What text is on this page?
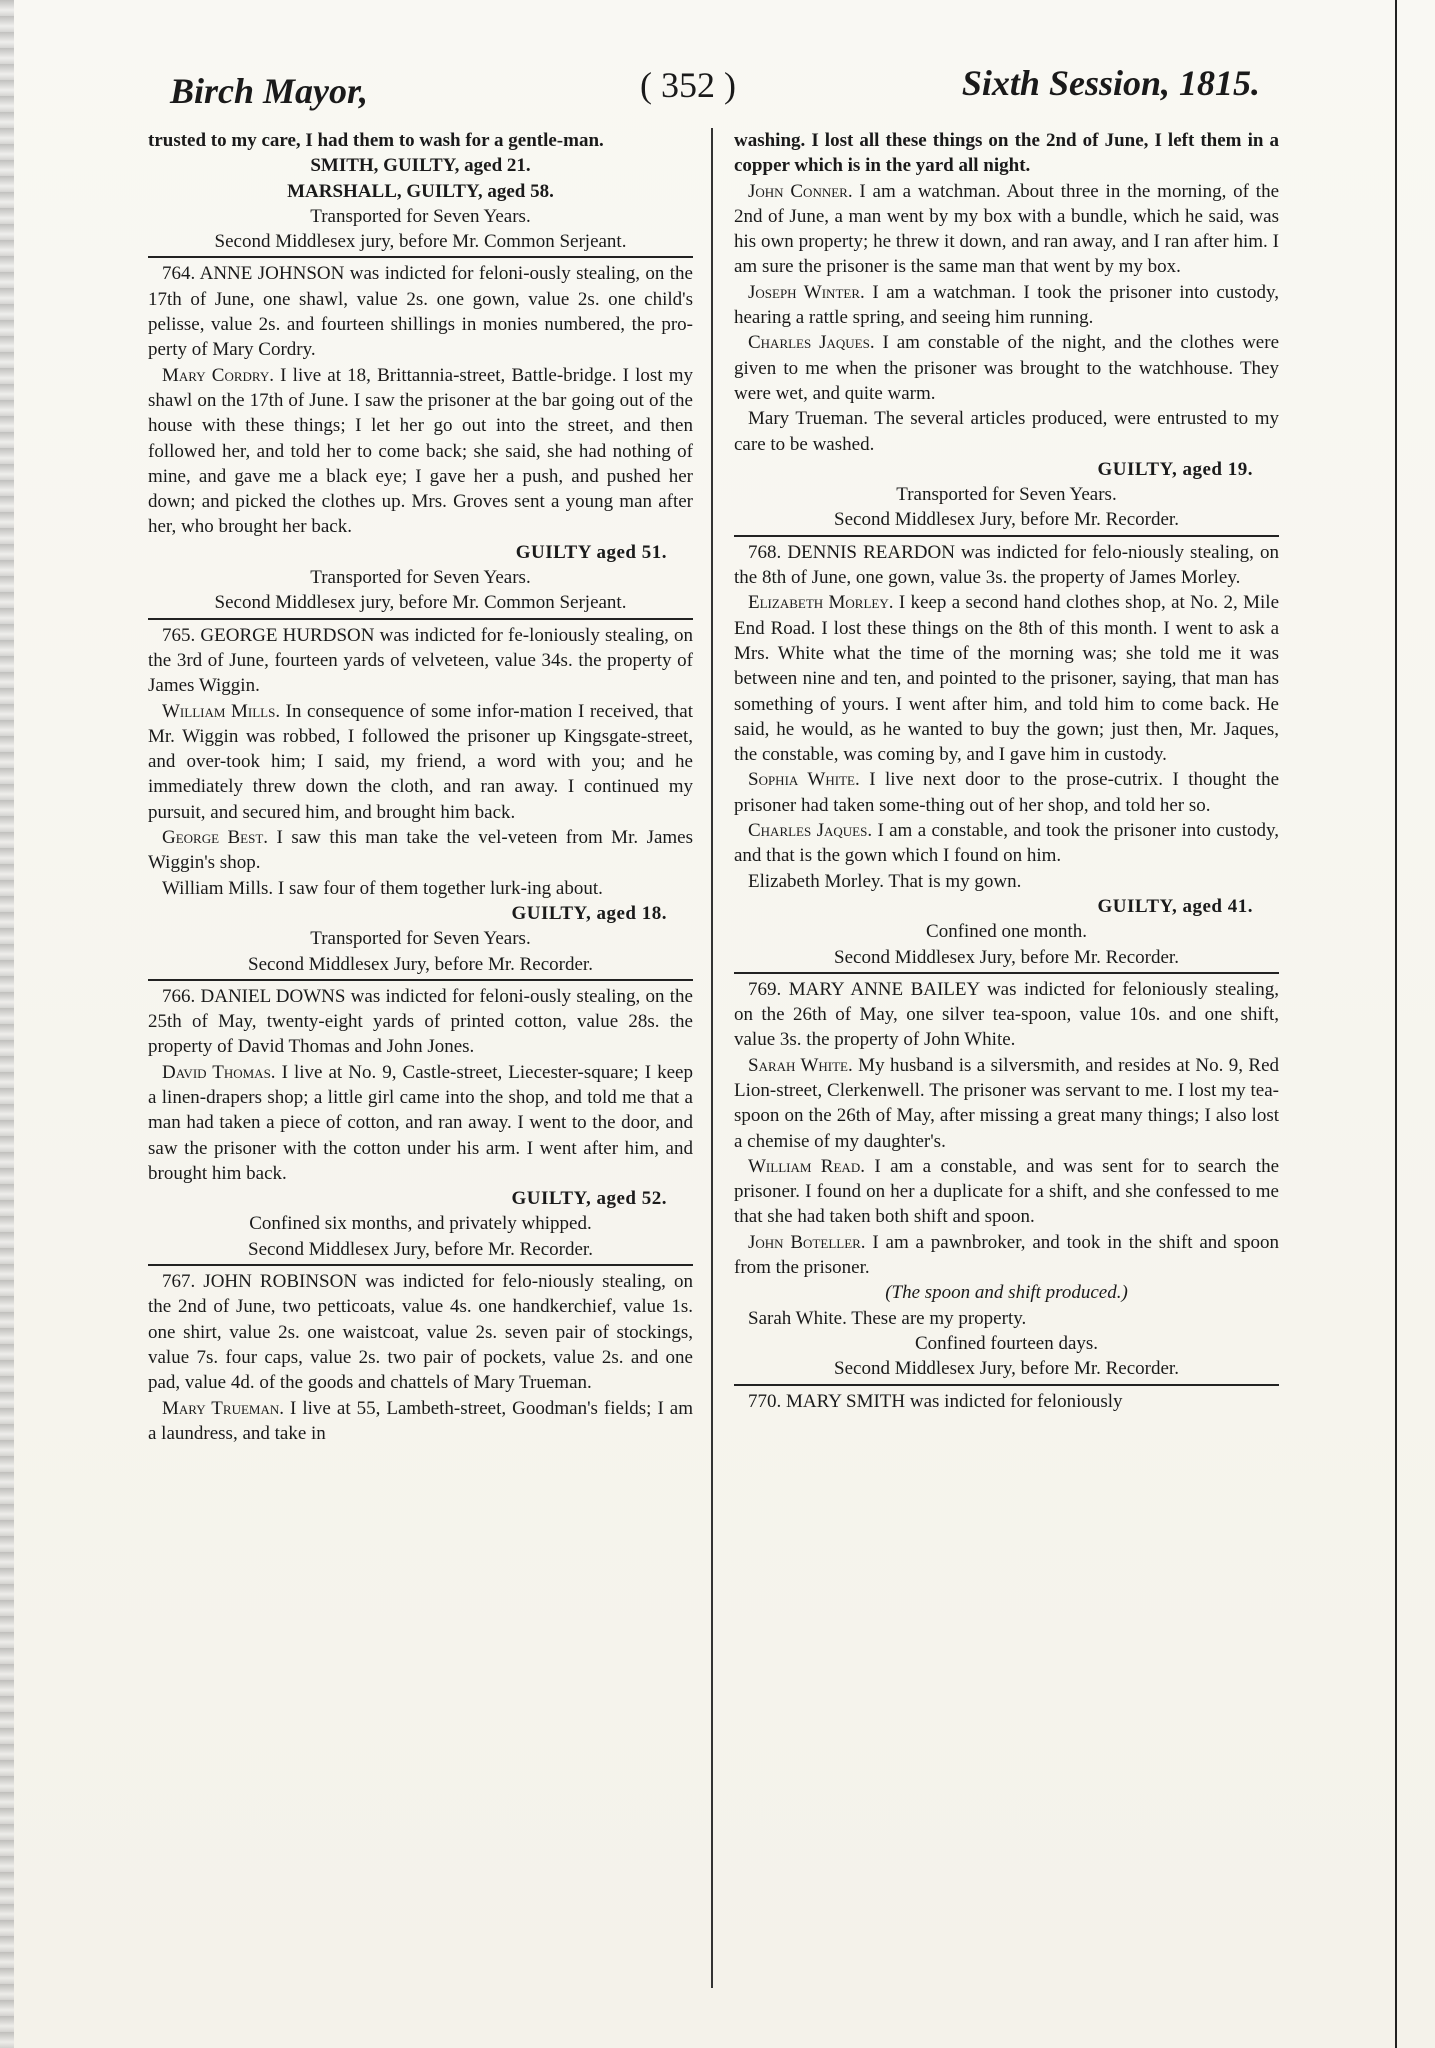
Birch Mayor,	( 352 )	Sixth Session, 1815.

trusted to my care, I had them to wash for a gentle-man.

SMITH, GUILTY, aged 21.

MARSHALL, GUILTY, aged 58.

Transported for Seven Years.

Second Middlesex jury, before Mr. Common Serjeant.

764. ANNE JOHNSON was indicted for feloni-ously stealing, on the 17th of June, one shawl, value 2s. one gown, value 2s. one child's pelisse, value 2s. and fourteen shillings in monies numbered, the pro-perty of Mary Cordry.

Mary Cordry. I live at 18, Brittannia-street, Battle-bridge. I lost my shawl on the 17th of June. I saw the prisoner at the bar going out of the house with these things; I let her go out into the street, and then followed her, and told her to come back; she said, she had nothing of mine, and gave me a black eye; I gave her a push, and pushed her down; and picked the clothes up. Mrs. Groves sent a young man after her, who brought her back.

GUILTY aged 51.

Transported for Seven Years.

Second Middlesex jury, before Mr. Common Serjeant.

765. GEORGE HURDSON was indicted for fe-loniously stealing, on the 3rd of June, fourteen yards of velveteen, value 34s. the property of James Wiggin.

William Mills. In consequence of some infor-mation I received, that Mr. Wiggin was robbed, I followed the prisoner up Kingsgate-street, and over-took him; I said, my friend, a word with you; and he immediately threw down the cloth, and ran away. I continued my pursuit, and secured him, and brought him back.

George Best. I saw this man take the vel-veteen from Mr. James Wiggin's shop.

William Mills. I saw four of them together lurk-ing about.

GUILTY, aged 18.

Transported for Seven Years.

Second Middlesex Jury, before Mr. Recorder.

766. DANIEL DOWNS was indicted for feloni-ously stealing, on the 25th of May, twenty-eight yards of printed cotton, value 28s. the property of David Thomas and John Jones.

David Thomas. I live at No. 9, Castle-street, Liecester-square; I keep a linen-drapers shop; a little girl came into the shop, and told me that a man had taken a piece of cotton, and ran away. I went to the door, and saw the prisoner with the cotton under his arm. I went after him, and brought him back.

GUILTY, aged 52.

Confined six months, and privately whipped.

Second Middlesex Jury, before Mr. Recorder.

767. JOHN ROBINSON was indicted for felo-niously stealing, on the 2nd of June, two petticoats, value 4s. one handkerchief, value 1s. one shirt, value 2s. one waistcoat, value 2s. seven pair of stockings, value 7s. four caps, value 2s. two pair of pockets, value 2s. and one pad, value 4d. of the goods and chattels of Mary Trueman.

Mary Trueman. I live at 55, Lambeth-street, Goodman's fields; I am a laundress, and take in

washing. I lost all these things on the 2nd of June, I left them in a copper which is in the yard all night.

John Conner. I am a watchman. About three in the morning, of the 2nd of June, a man went by my box with a bundle, which he said, was his own property; he threw it down, and ran away, and I ran after him. I am sure the prisoner is the same man that went by my box.

Joseph Winter. I am a watchman. I took the prisoner into custody, hearing a rattle spring, and seeing him running.

Charles Jaques. I am constable of the night, and the clothes were given to me when the prisoner was brought to the watchhouse. They were wet, and quite warm.

Mary Trueman. The several articles produced, were entrusted to my care to be washed.

GUILTY, aged 19.

Transported for Seven Years.

Second Middlesex Jury, before Mr. Recorder.

768. DENNIS REARDON was indicted for felo-niously stealing, on the 8th of June, one gown, value 3s. the property of James Morley.

Elizabeth Morley. I keep a second hand clothes shop, at No. 2, Mile End Road. I lost these things on the 8th of this month. I went to ask a Mrs. White what the time of the morning was; she told me it was between nine and ten, and pointed to the prisoner, saying, that man has something of yours. I went after him, and told him to come back. He said, he would, as he wanted to buy the gown; just then, Mr. Jaques, the constable, was coming by, and I gave him in custody.

Sophia White. I live next door to the prose-cutrix. I thought the prisoner had taken some-thing out of her shop, and told her so.

Charles Jaques. I am a constable, and took the prisoner into custody, and that is the gown which I found on him.

Elizabeth Morley. That is my gown.

GUILTY, aged 41.

Confined one month.

Second Middlesex Jury, before Mr. Recorder.

769. MARY ANNE BAILEY was indicted for feloniously stealing, on the 26th of May, one silver tea-spoon, value 10s. and one shift, value 3s. the property of John White.

Sarah White. My husband is a silversmith, and resides at No. 9, Red Lion-street, Clerkenwell. The prisoner was servant to me. I lost my tea-spoon on the 26th of May, after missing a great many things; I also lost a chemise of my daughter's.

William Read. I am a constable, and was sent for to search the prisoner. I found on her a duplicate for a shift, and she confessed to me that she had taken both shift and spoon.

John Boteller. I am a pawnbroker, and took in the shift and spoon from the prisoner.

(The spoon and shift produced.)

Sarah White. These are my property.

Confined fourteen days.

Second Middlesex Jury, before Mr. Recorder.

770. MARY SMITH was indicted for feloniously
